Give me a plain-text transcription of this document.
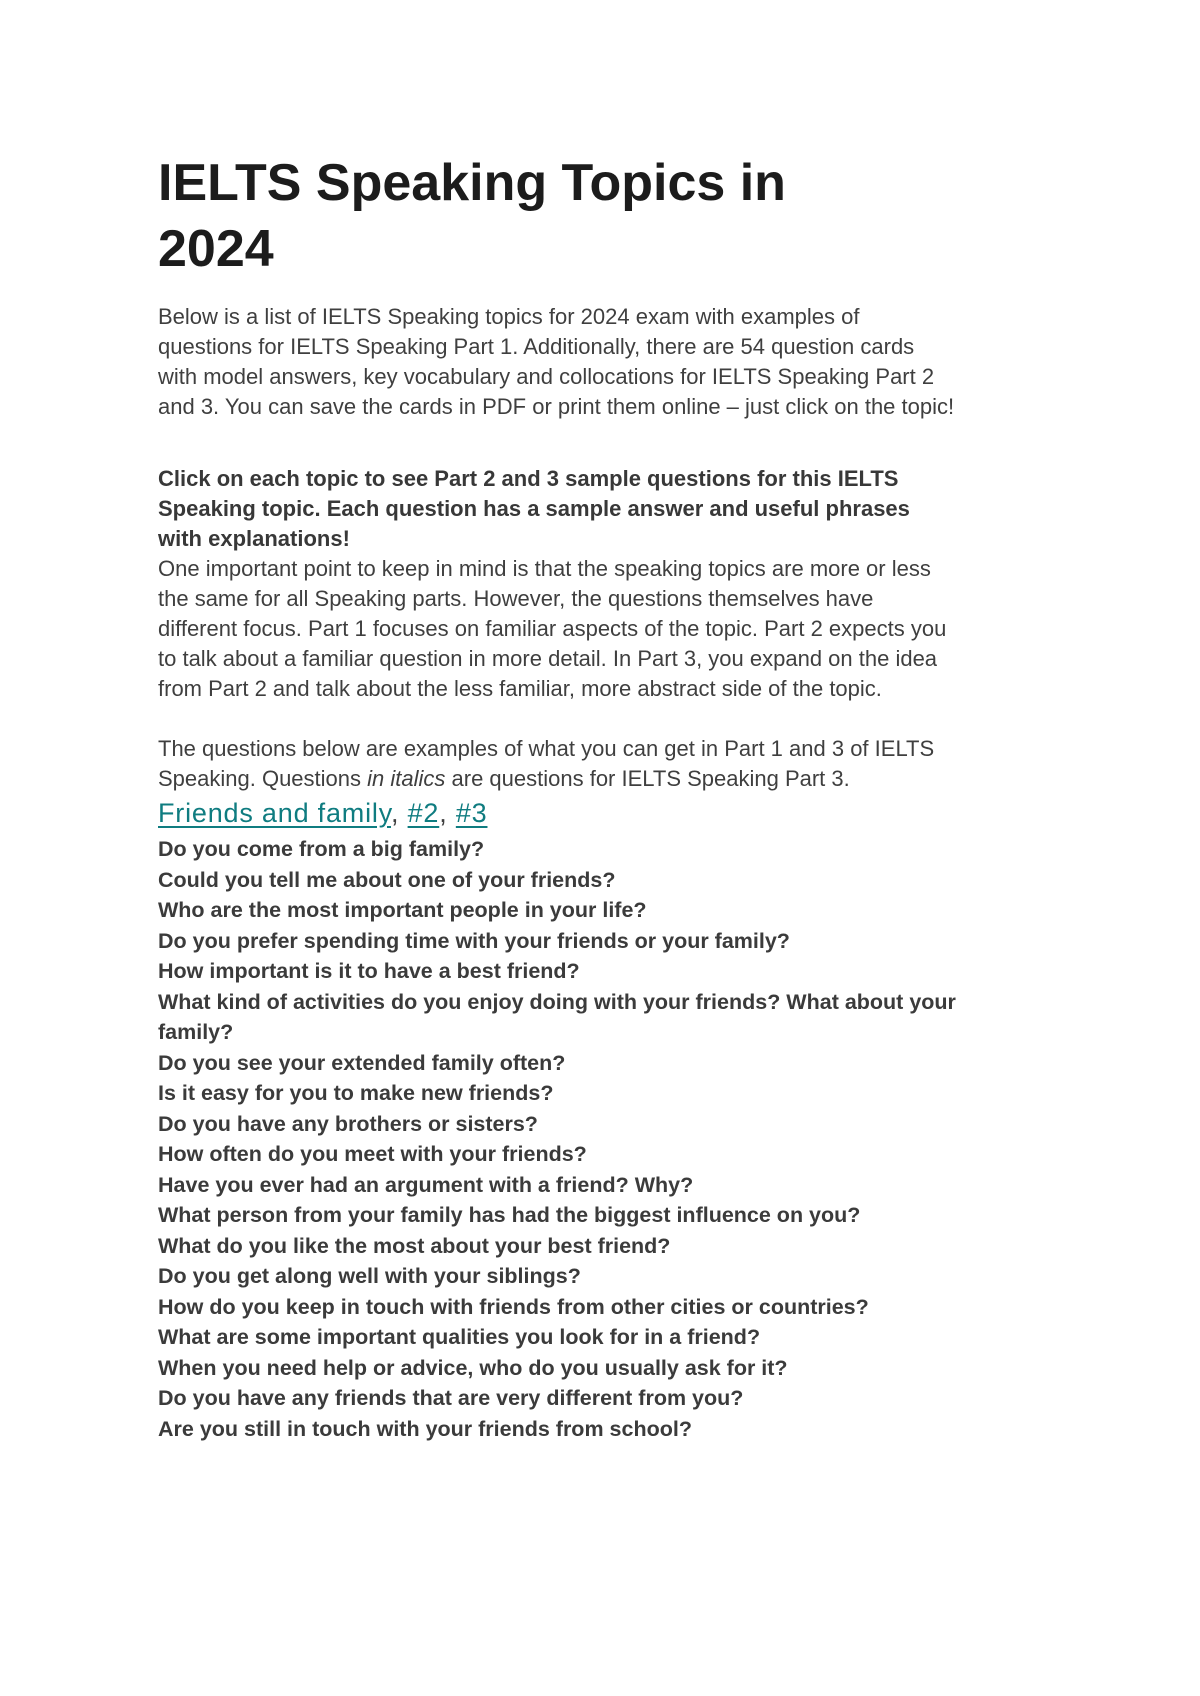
IELTS Speaking Topics in 2024

Below is a list of IELTS Speaking topics for 2024 exam with examples of questions for IELTS Speaking Part 1. Additionally, there are 54 question cards with model answers, key vocabulary and collocations for IELTS Speaking Part 2 and 3. You can save the cards in PDF or print them online – just click on the topic!

Click on each topic to see Part 2 and 3 sample questions for this IELTS Speaking topic. Each question has a sample answer and useful phrases with explanations!

One important point to keep in mind is that the speaking topics are more or less the same for all Speaking parts. However, the questions themselves have different focus. Part 1 focuses on familiar aspects of the topic. Part 2 expects you to talk about a familiar question in more detail. In Part 3, you expand on the idea from Part 2 and talk about the less familiar, more abstract side of the topic.

The questions below are examples of what you can get in Part 1 and 3 of IELTS Speaking. Questions in italics are questions for IELTS Speaking Part 3.

Friends and family, #2, #3

Do you come from a big family?
Could you tell me about one of your friends?
Who are the most important people in your life?
Do you prefer spending time with your friends or your family?
How important is it to have a best friend?
What kind of activities do you enjoy doing with your friends? What about your family?
Do you see your extended family often?
Is it easy for you to make new friends?
Do you have any brothers or sisters?
How often do you meet with your friends?
Have you ever had an argument with a friend? Why?
What person from your family has had the biggest influence on you?
What do you like the most about your best friend?
Do you get along well with your siblings?
How do you keep in touch with friends from other cities or countries?
What are some important qualities you look for in a friend?
When you need help or advice, who do you usually ask for it?
Do you have any friends that are very different from you?
Are you still in touch with your friends from school?
